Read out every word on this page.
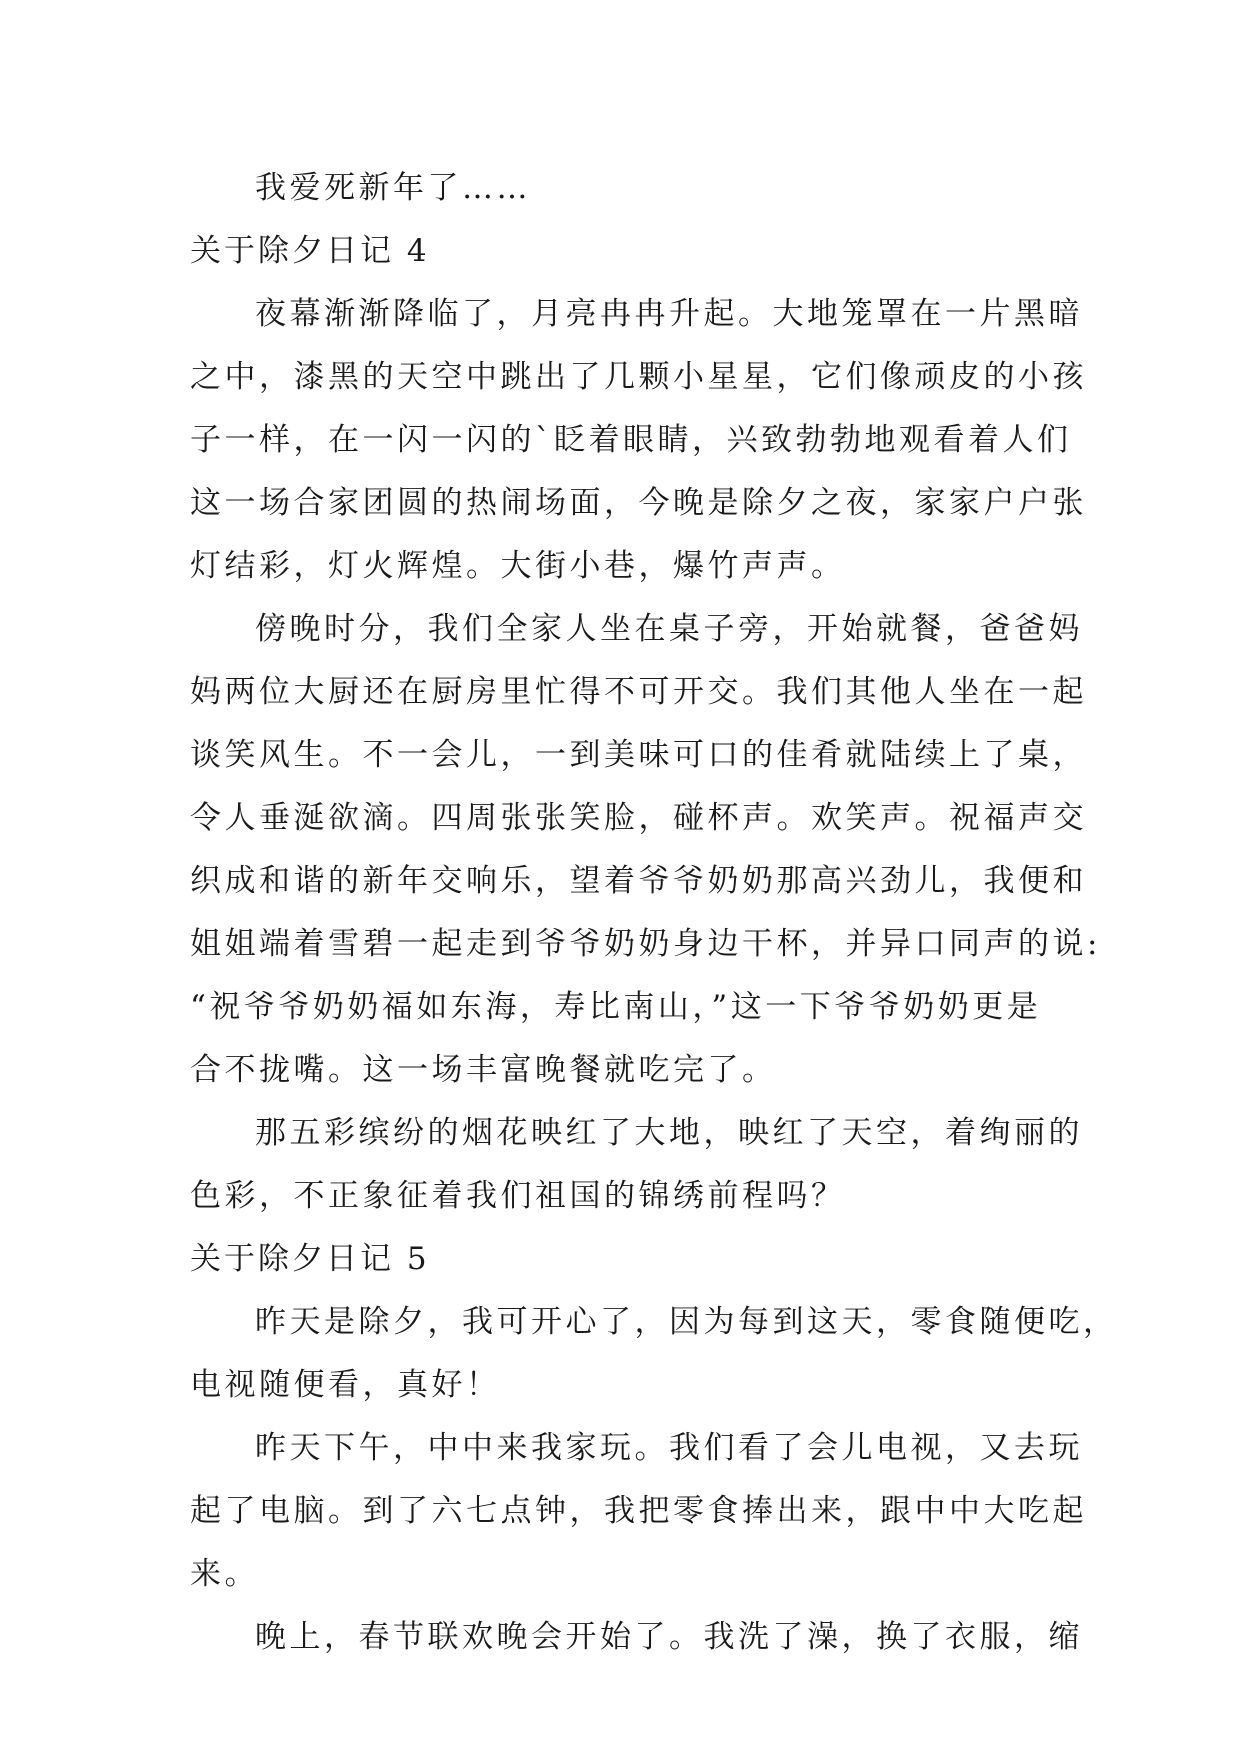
我爱死新年了……
关于除夕日记 4
夜幕渐渐降临了，月亮冉冉升起。大地笼罩在一片黑暗
之中，漆黑的天空中跳出了几颗小星星，它们像顽皮的小孩
子一样，在一闪一闪的`眨着眼睛，兴致勃勃地观看着人们
这一场合家团圆的热闹场面，今晚是除夕之夜，家家户户张
灯结彩，灯火辉煌。大街小巷，爆竹声声。
傍晚时分，我们全家人坐在桌子旁，开始就餐，爸爸妈
妈两位大厨还在厨房里忙得不可开交。我们其他人坐在一起
谈笑风生。不一会儿，一到美味可口的佳肴就陆续上了桌，
令人垂涎欲滴。四周张张笑脸，碰杯声。欢笑声。祝福声交
织成和谐的新年交响乐，望着爷爷奶奶那高兴劲儿，我便和
姐姐端着雪碧一起走到爷爷奶奶身边干杯，并异口同声的说:
“祝爷爷奶奶福如东海，寿比南山，”这一下爷爷奶奶更是
合不拢嘴。这一场丰富晚餐就吃完了。
那五彩缤纷的烟花映红了大地，映红了天空，着绚丽的
色彩，不正象征着我们祖国的锦绣前程吗？
关于除夕日记 5
昨天是除夕，我可开心了，因为每到这天，零食随便吃，
电视随便看，真好！
昨天下午，中中来我家玩。我们看了会儿电视，又去玩
起了电脑。到了六七点钟，我把零食捧出来，跟中中大吃起
来。
晚上，春节联欢晚会开始了。我洗了澡，换了衣服，缩
